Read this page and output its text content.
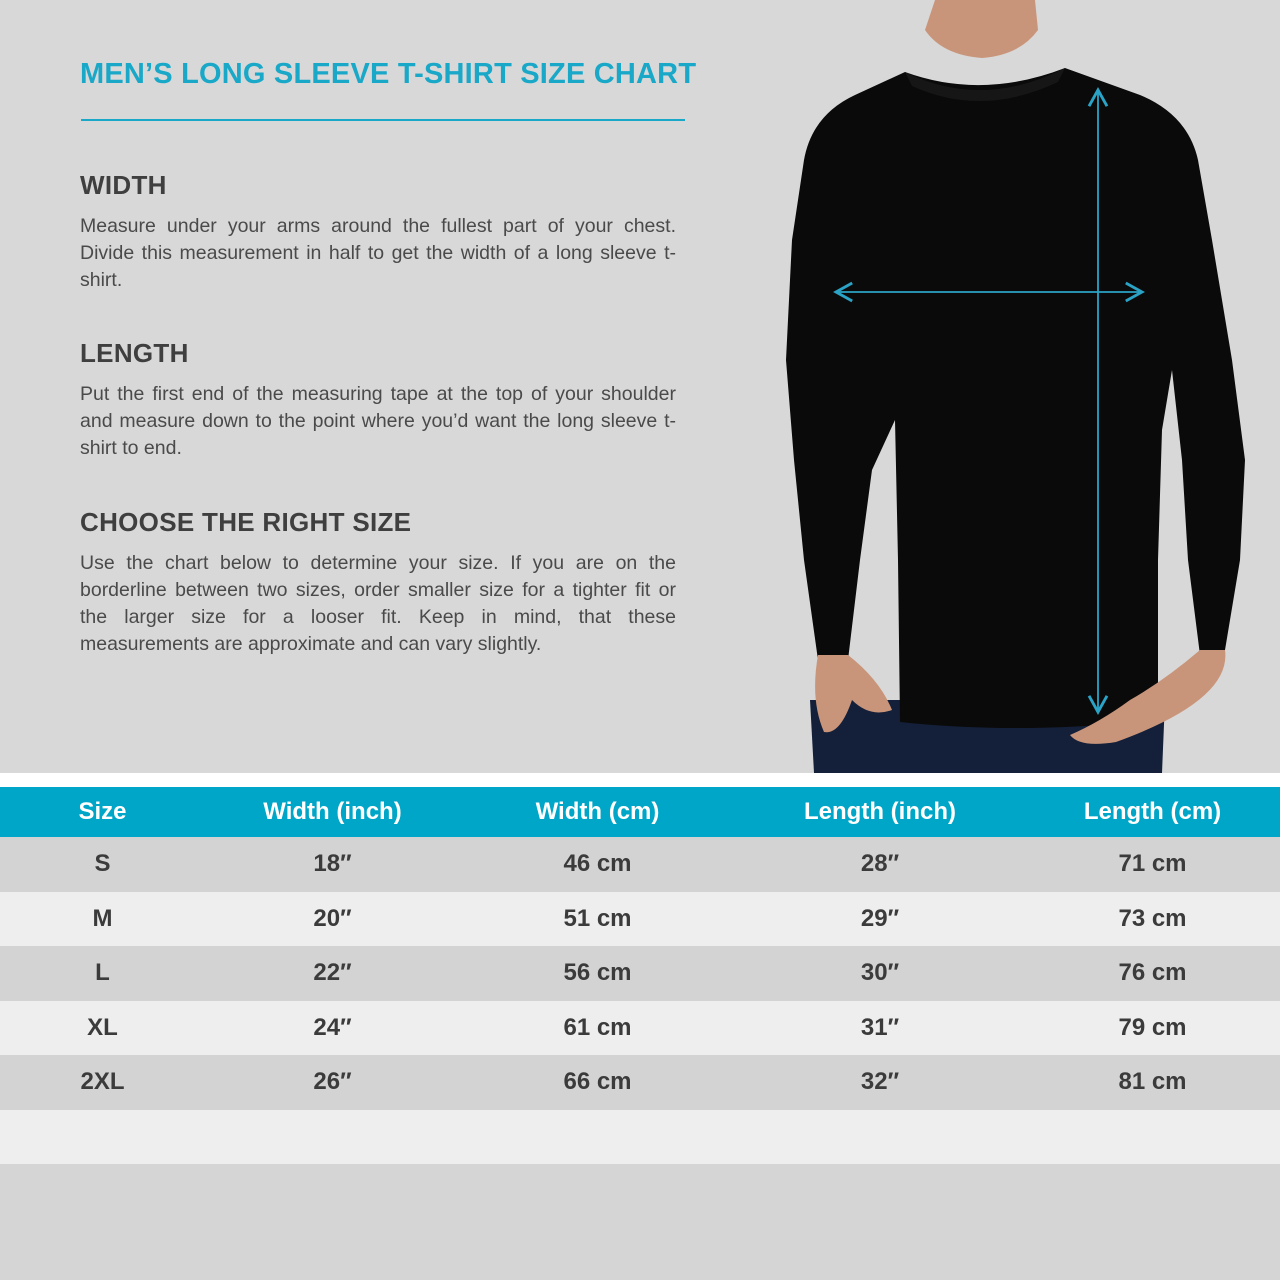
MEN’S LONG SLEEVE T-SHIRT SIZE CHART
WIDTH

Measure under your arms around the fullest part of your chest. Divide this measurement in half to get the width of a long sleeve t-shirt.

LENGTH

Put the first end of the measuring tape at the top of your shoulder and measure down to the point where you’d want the long sleeve t-shirt to end.

CHOOSE THE RIGHT SIZE

Use the chart below to determine your size. If you are on the borderline between two sizes, order smaller size for a tighter fit or the larger size for a looser fit. Keep in mind, that these measurements are approximate and can vary slightly.

Size	Width (inch)	Width (cm)	Length (inch)	Length (cm)
S	18″	46 cm	28″	71 cm
M	20″	51 cm	29″	73 cm
L	22″	56 cm	30″	76 cm
XL	24″	61 cm	31″	79 cm
2XL	26″	66 cm	32″	81 cm
